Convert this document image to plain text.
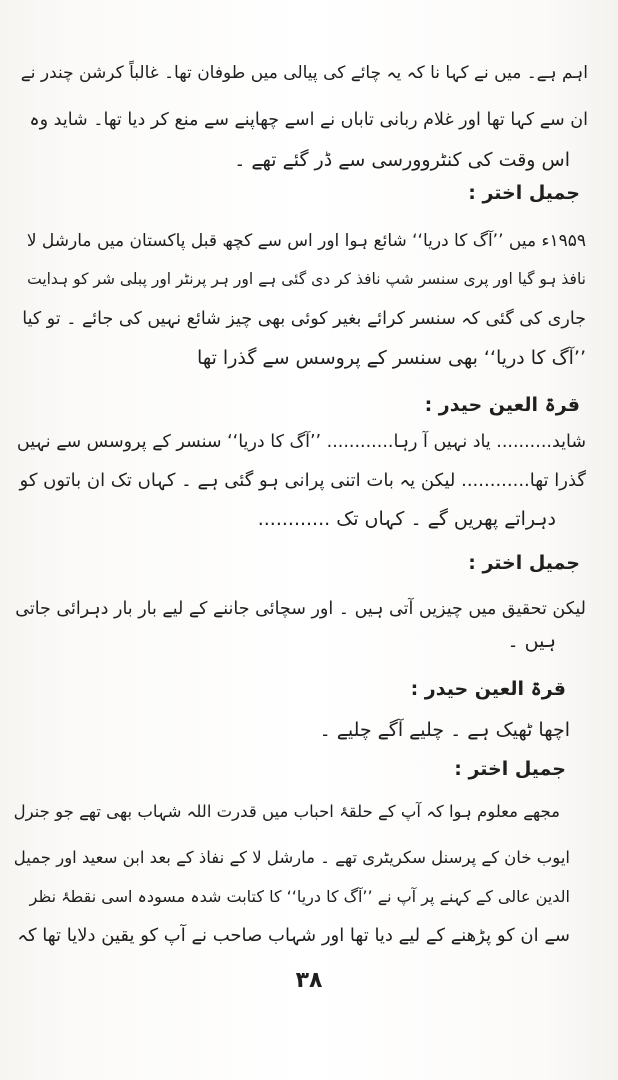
اہم ہے۔ میں نے کہا نا کہ یہ چائے کی پیالی میں طوفان تھا۔ غالباً کرشن چندر نے
ان سے کہا تھا اور غلام ربانی تاباں نے اسے چھاپنے سے منع کر دیا تھا۔ شاید وہ
اس وقت کی کنٹروورسی سے ڈر گئے تھے ۔
جمیل اختر :
۱۹۵۹ء میں ’’آگ کا دریا‘‘ شائع ہوا اور اس سے کچھ قبل پاکستان میں مارشل لا
نافذ ہو گیا اور پری سنسر شپ نافذ کر دی گئی ہے اور ہر پرنٹر اور پبلی شر کو ہدایت
جاری کی گئی کہ سنسر کرائے بغیر کوئی بھی چیز شائع نہیں کی جائے ۔ تو کیا
’’آگ کا دریا‘‘ بھی سنسر کے پروسس سے گذرا تھا
قرۃ العین حیدر :
شاید.......... یاد نہیں آ رہا............ ’’آگ کا دریا‘‘ سنسر کے پروسس سے نہیں
گذرا تھا............ لیکن یہ بات اتنی پرانی ہو گئی ہے ۔ کہاں تک ان باتوں کو
دہراتے پھریں گے ۔ کہاں تک ............
جمیل اختر :
لیکن تحقیق میں چیزیں آتی ہیں ۔ اور سچائی جاننے کے لیے بار بار دہرائی جاتی
ہیں ۔
قرۃ العین حیدر :
اچھا ٹھیک ہے ۔ چلیے آگے چلیے ۔
جمیل اختر :
مجھے معلوم ہوا کہ آپ کے حلقۂ احباب میں قدرت اللہ شہاب بھی تھے جو جنرل
ایوب خان کے پرسنل سکریٹری تھے ۔ مارشل لا کے نفاذ کے بعد ابن سعید اور جمیل
الدین عالی کے کہنے پر آپ نے ’’آگ کا دریا‘‘ کا کتابت شدہ مسودہ اسی نقطۂ نظر
سے ان کو پڑھنے کے لیے دیا تھا اور شہاب صاحب نے آپ کو یقین دلایا تھا کہ
۳۸
